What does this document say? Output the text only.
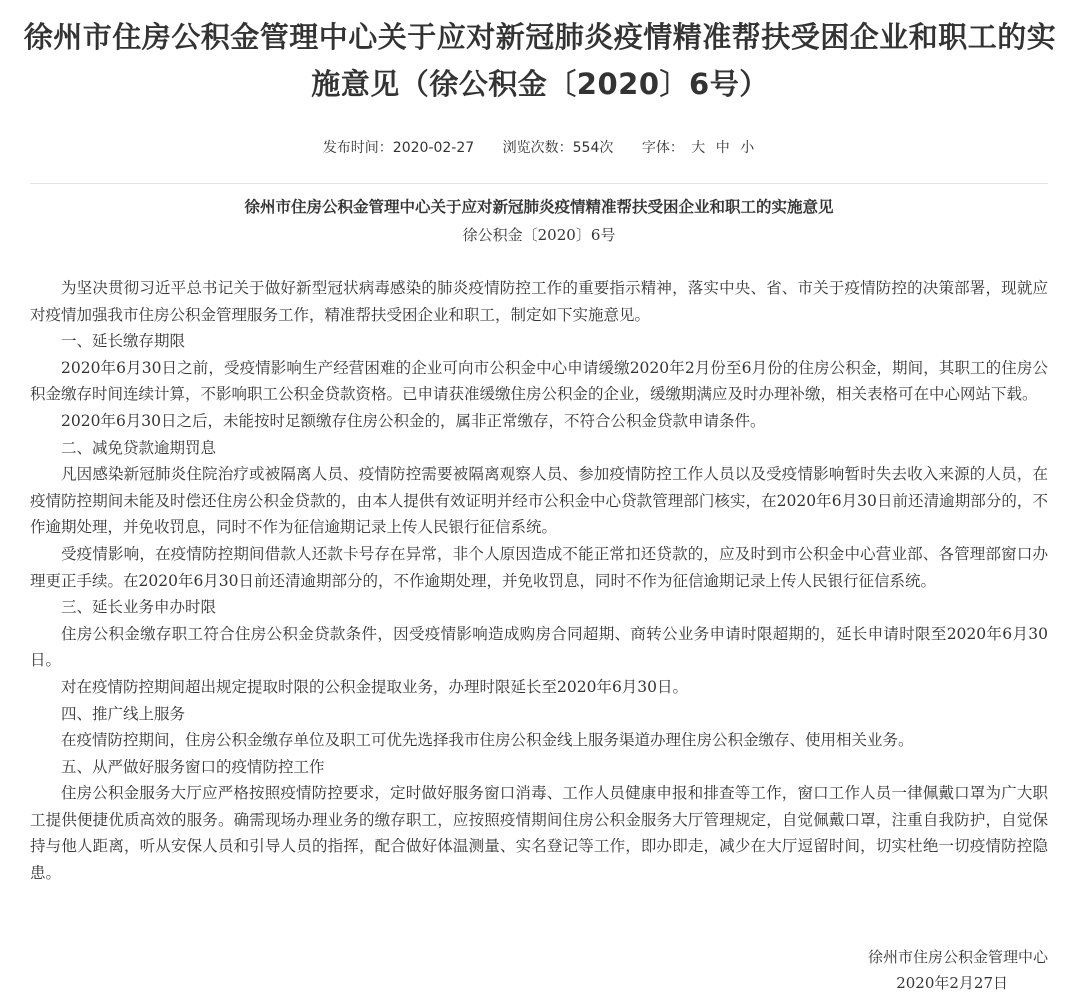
徐州市住房公积金管理中心关于应对新冠肺炎疫情精准帮扶受困企业和职工的实施意见（徐公积金〔2020〕6号）
发布时间：2020-02-27 浏览次数：554次 字体： 大 中 小

徐州市住房公积金管理中心关于应对新冠肺炎疫情精准帮扶受困企业和职工的实施意见

徐公积金〔2020〕6号

为坚决贯彻习近平总书记关于做好新型冠状病毒感染的肺炎疫情防控工作的重要指示精神，落实中央、省、市关于疫情防控的决策部署，现就应对疫情加强我市住房公积金管理服务工作，精准帮扶受困企业和职工，制定如下实施意见。

一、延长缴存期限

2020年6月30日之前，受疫情影响生产经营困难的企业可向市公积金中心申请缓缴2020年2月份至6月份的住房公积金，期间，其职工的住房公积金缴存时间连续计算，不影响职工公积金贷款资格。已申请获准缓缴住房公积金的企业，缓缴期满应及时办理补缴，相关表格可在中心网站下载。

2020年6月30日之后，未能按时足额缴存住房公积金的，属非正常缴存，不符合公积金贷款申请条件。

二、减免贷款逾期罚息

凡因感染新冠肺炎住院治疗或被隔离人员、疫情防控需要被隔离观察人员、参加疫情防控工作人员以及受疫情影响暂时失去收入来源的人员，在疫情防控期间未能及时偿还住房公积金贷款的，由本人提供有效证明并经市公积金中心贷款管理部门核实，在2020年6月30日前还清逾期部分的，不作逾期处理，并免收罚息，同时不作为征信逾期记录上传人民银行征信系统。

受疫情影响，在疫情防控期间借款人还款卡号存在异常，非个人原因造成不能正常扣还贷款的，应及时到市公积金中心营业部、各管理部窗口办理更正手续。在2020年6月30日前还清逾期部分的，不作逾期处理，并免收罚息，同时不作为征信逾期记录上传人民银行征信系统。

三、延长业务申办时限

住房公积金缴存职工符合住房公积金贷款条件，因受疫情影响造成购房合同超期、商转公业务申请时限超期的，延长申请时限至2020年6月30日。

对在疫情防控期间超出规定提取时限的公积金提取业务，办理时限延长至2020年6月30日。

四、推广线上服务

在疫情防控期间，住房公积金缴存单位及职工可优先选择我市住房公积金线上服务渠道办理住房公积金缴存、使用相关业务。

五、从严做好服务窗口的疫情防控工作

住房公积金服务大厅应严格按照疫情防控要求，定时做好服务窗口消毒、工作人员健康申报和排查等工作，窗口工作人员一律佩戴口罩为广大职工提供便捷优质高效的服务。确需现场办理业务的缴存职工，应按照疫情期间住房公积金服务大厅管理规定，自觉佩戴口罩，注重自我防护，自觉保持与他人距离，听从安保人员和引导人员的指挥，配合做好体温测量、实名登记等工作，即办即走，减少在大厅逗留时间，切实杜绝一切疫情防控隐患。

徐州市住房公积金管理中心
2020年2月27日
